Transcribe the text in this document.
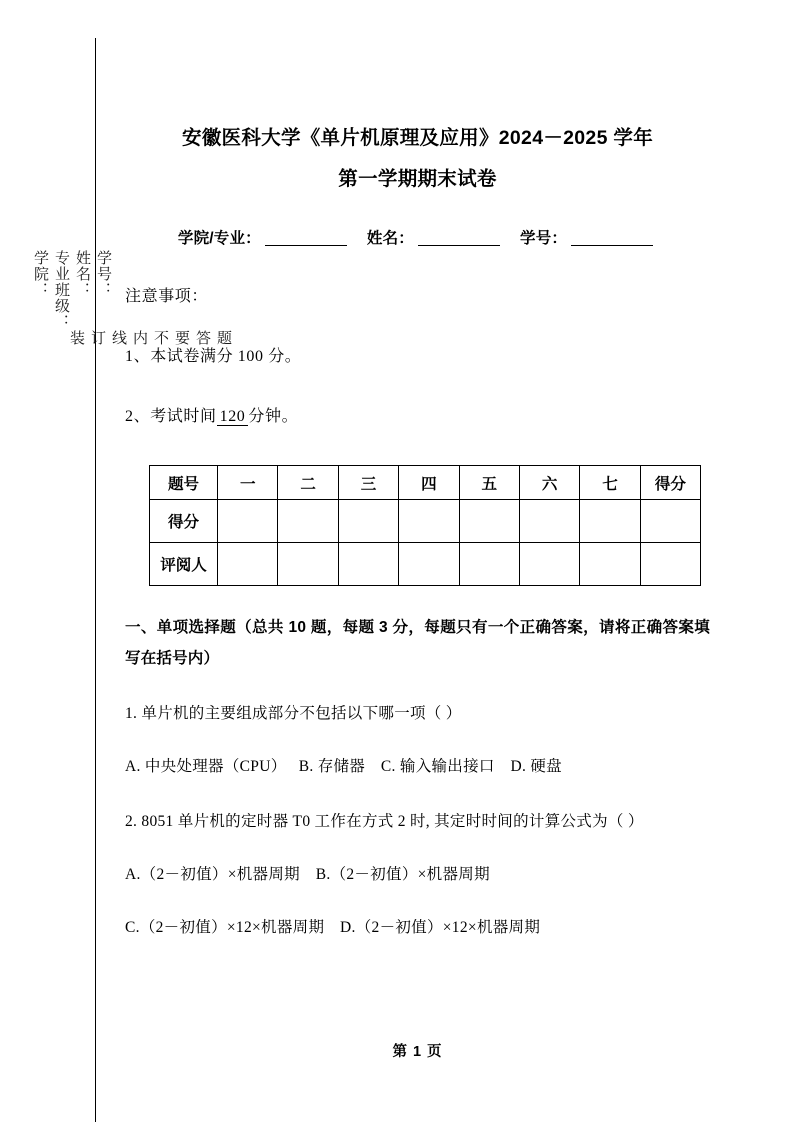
学号：
姓名：
专业班级：
学院：
题
答
要
不
内
线
订
装
安徽医科大学《单片机原理及应用》2024－2025 学年
第一学期期末试卷

学院/专业：	姓名：	学号：

注意事项：

1、本试卷满分 100 分。

2、考试时间 120 分钟。

题号	一	二	三	四	五	六	七	得分
得分								
评阅人								

一、单项选择题（总共 10 题，每题 3 分，每题只有一个正确答案，请将正确答案填写在括号内）

1. 单片机的主要组成部分不包括以下哪一项（ ）

A. 中央处理器（CPU）　 B. 存储器　C. 输入输出接口　D. 硬盘

2. 8051 单片机的定时器 T0 工作在方式 2 时, 其定时时间的计算公式为（ ）

A.（2－初值）×机器周期　B.（2－初值）×机器周期

C.（2－初值）×12×机器周期　D.（2－初值）×12×机器周期

第 1 页
